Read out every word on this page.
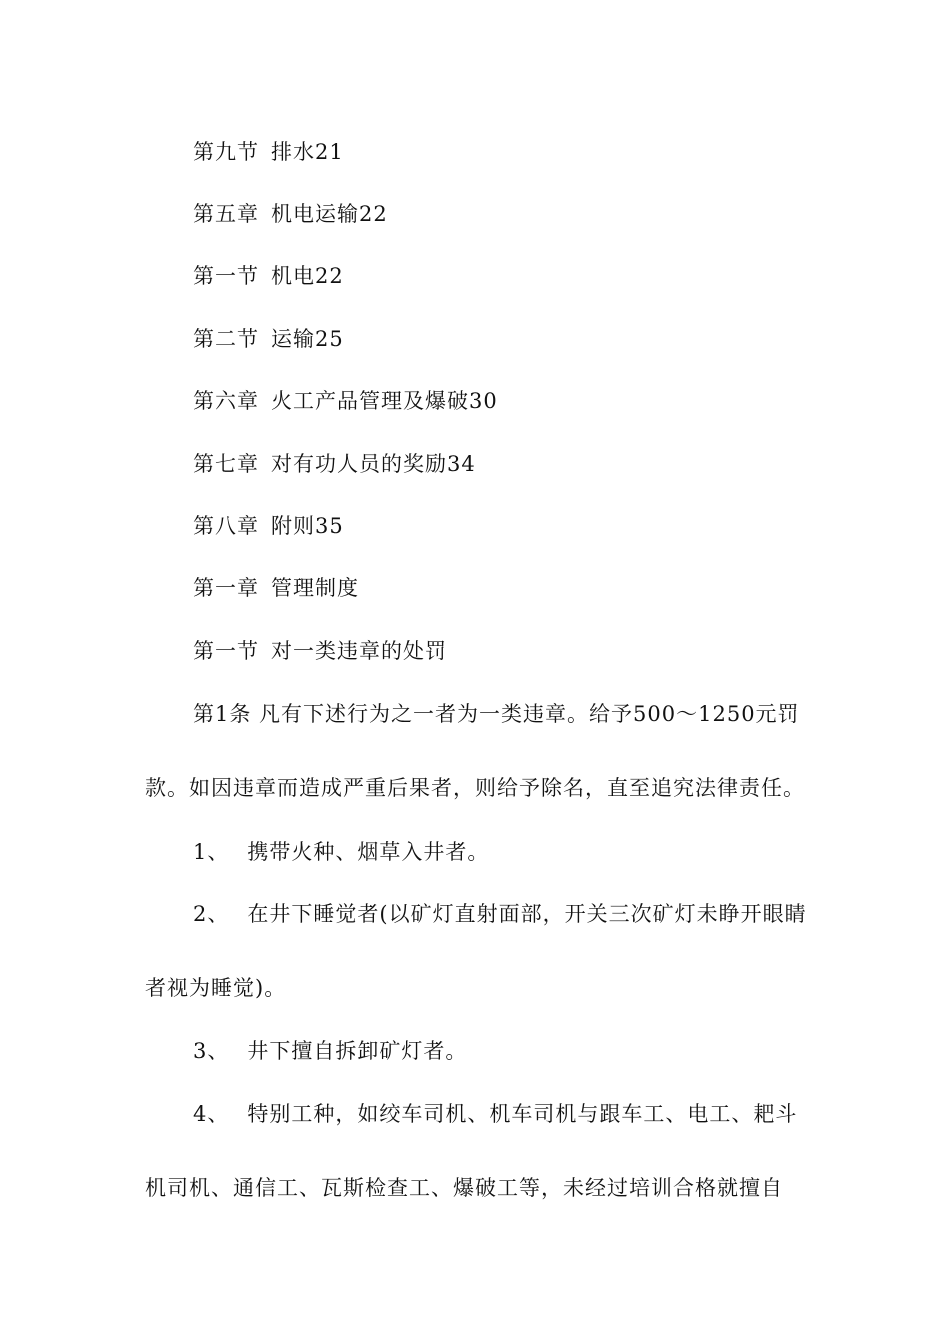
第九节 排水21
第五章 机电运输22
第一节 机电22
第二节 运输25
第六章 火工产品管理及爆破30
第七章 对有功人员的奖励34
第八章 附则35
第一章 管理制度
第一节 对一类违章的处罚
第1条 凡有下述行为之一者为一类违章。给予500～1250元罚
款。如因违章而造成严重后果者，则给予除名，直至追究法律责任。
1、 携带火种、烟草入井者。
2、 在井下睡觉者(以矿灯直射面部，开关三次矿灯未睁开眼睛
者视为睡觉)。
3、 井下擅自拆卸矿灯者。
4、 特别工种，如绞车司机、机车司机与跟车工、电工、耙斗
机司机、通信工、瓦斯检查工、爆破工等，未经过培训合格就擅自
